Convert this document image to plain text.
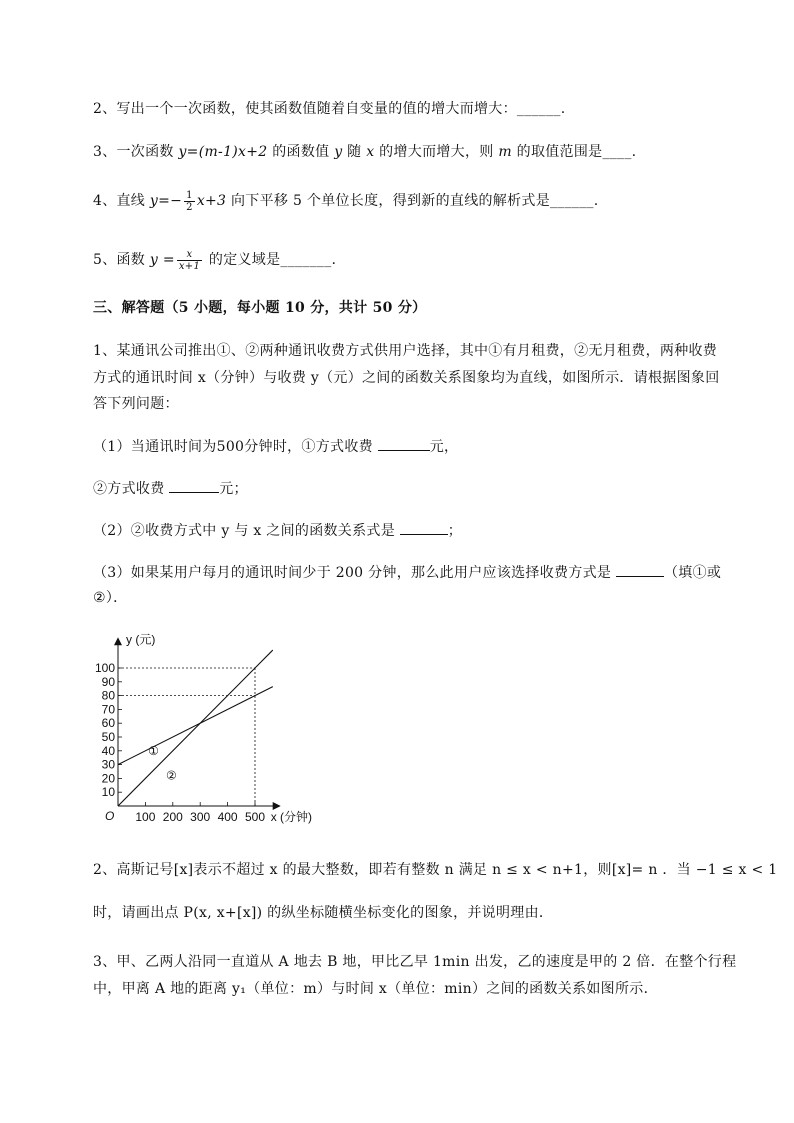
2、写出一个一次函数，使其函数值随着自变量的值的增大而增大：______.
3、一次函数 y=(m-1)x+2 的函数值 y 随 x 的增大而增大，则 m 的取值范围是____.
4、直线 $y=- \frac{1}{2} x+3$ 向下平移 5 个单位长度，得到新的直线的解析式是______.
5、函数 $y = \frac{x}{x+1}$ 的定义域是_______.
三、解答题（5 小题，每小题 10 分，共计 50 分）
1、某通讯公司推出①、②两种通讯收费方式供用户选择，其中①有月租费，②无月租费，两种收费
方式的通讯时间 x（分钟）与收费 y（元）之间的函数关系图象均为直线，如图所示．请根据图象回
答下列问题：
（1）当通讯时间为500分钟时，①方式收费	元，
②方式收费	元；
（2）②收费方式中 y 与 x 之间的函数关系式是	；
（3）如果某用户每月的通讯时间少于 200 分钟，那么此用户应该选择收费方式是	（填①或
②）．
①
②
100 200 300 400 500
10
20
30
40
50
60
70
80
90
100
O	x (分钟)
y (元)
2、高斯记号[x]表示不超过 x 的最大整数，即若有整数 n 满足 n ≤ x < n+1，则[x]= n ．当 −1 ≤ x < 1
时，请画出点 P(x, x+[x]) 的纵坐标随横坐标变化的图象，并说明理由．
3、甲、乙两人沿同一直道从 A 地去 B 地，甲比乙早 1min 出发，乙的速度是甲的 2 倍．在整个行程
中，甲离 A 地的距离 y₁（单位：m）与时间 x（单位：min）之间的函数关系如图所示．
